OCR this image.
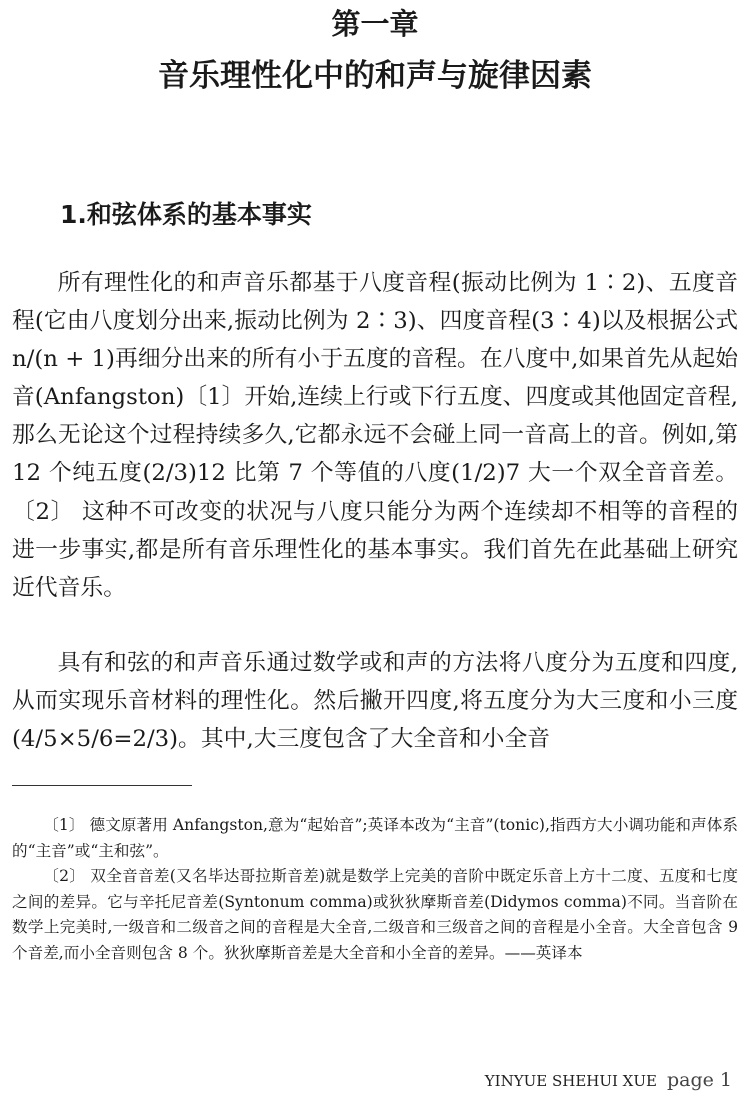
第一章
音乐理性化中的和声与旋律因素
1.和弦体系的基本事实

所有理性化的和声音乐都基于八度音程(振动比例为 1∶2)、五度音程(它由八度划分出来,振动比例为 2∶3)、四度音程(3∶4)以及根据公式 n/(n + 1)再细分出来的所有小于五度的音程。在八度中,如果首先从起始音(Anfangston)〔1〕开始,连续上行或下行五度、四度或其他固定音程,那么无论这个过程持续多久,它都永远不会碰上同一音高上的音。例如,第 12 个纯五度(2/3)12 比第 7 个等值的八度(1/2)7 大一个双全音音差。〔2〕 这种不可改变的状况与八度只能分为两个连续却不相等的音程的进一步事实,都是所有音乐理性化的基本事实。我们首先在此基础上研究近代音乐。

具有和弦的和声音乐通过数学或和声的方法将八度分为五度和四度,从而实现乐音材料的理性化。然后撇开四度,将五度分为大三度和小三度(4/5×5/6=2/3)。其中,大三度包含了大全音和小全音

〔1〕 德文原著用 Anfangston,意为“起始音”;英译本改为“主音”(tonic),指西方大小调功能和声体系的“主音”或“主和弦”。

〔2〕 双全音音差(又名毕达哥拉斯音差)就是数学上完美的音阶中既定乐音上方十二度、五度和七度之间的差异。它与辛托尼音差(Syntonum comma)或狄狄摩斯音差(Didymos comma)不同。当音阶在数学上完美时,一级音和二级音之间的音程是大全音,二级音和三级音之间的音程是小全音。大全音包含 9 个音差,而小全音则包含 8 个。狄狄摩斯音差是大全音和小全音的差异。——英译本

YINYUE SHEHUI XUE page 1
